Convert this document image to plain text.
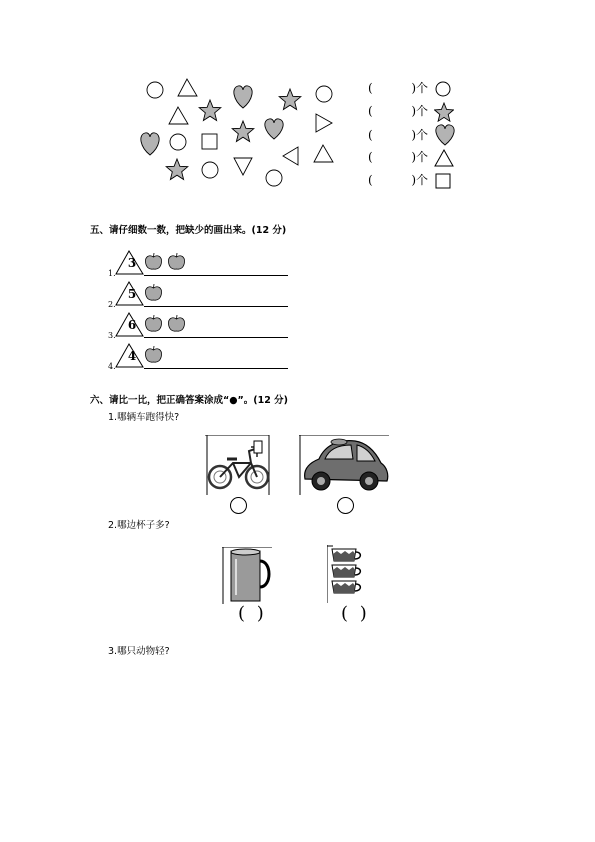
(	) 个
(	) 个
(	) 个
(	) 个
(	) 个
五、请仔细数一数，把缺少的画出来。(12 分)
1.
3
2.
5
3.
6
4.
4
六、请比一比，把正确答案涂成“●”。(12 分)
1.哪辆车跑得快?
2.哪边杯子多?
( )	( )
3.哪只动物轻?
